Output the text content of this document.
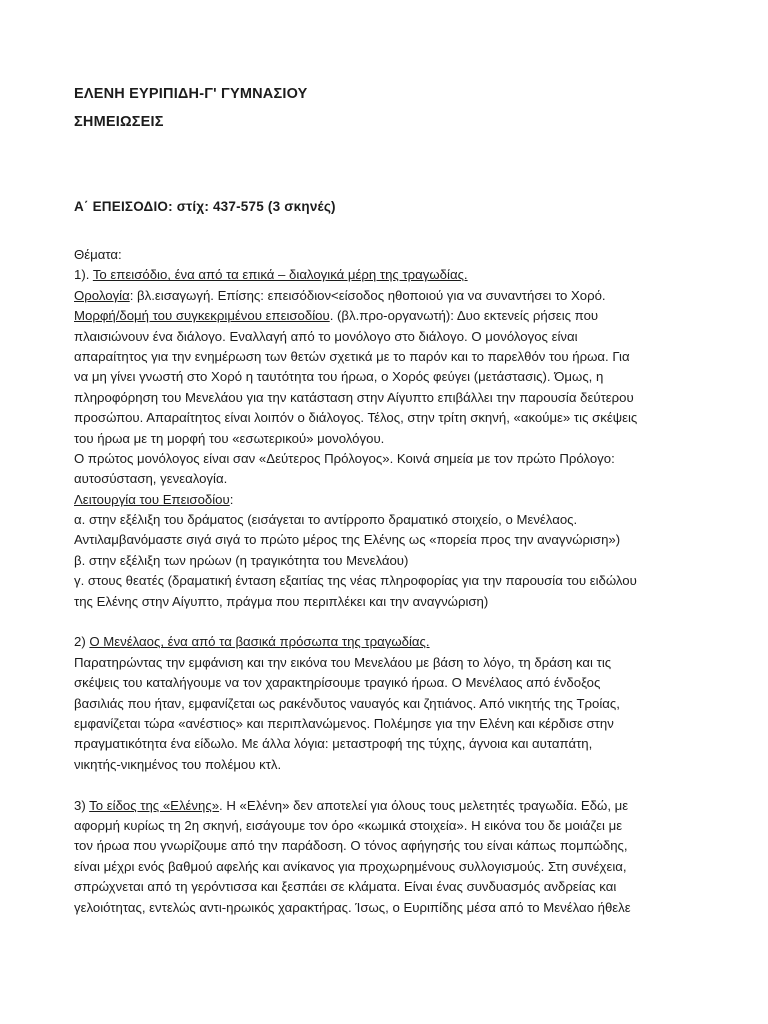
ΕΛΕΝΗ ΕΥΡΙΠΙΔΗ-Γ' ΓΥΜΝΑΣΙΟΥ
ΣΗΜΕΙΩΣΕΙΣ
Α΄ ΕΠΕΙΣΟΔΙΟ: στίχ: 437-575 (3 σκηνές)
Θέματα:
1). Το επεισόδιο, ένα από τα επικά – διαλογικά μέρη της τραγωδίας.
Ορολογία: βλ.εισαγωγή. Επίσης: επεισόδιον<είσοδος ηθοποιού για να συναντήσει το Χορό.
Μορφή/δομή του συγκεκριμένου επεισοδίου. (βλ.προ-οργανωτή): Δυο εκτενείς ρήσεις που
πλαισιώνουν ένα διάλογο. Εναλλαγή από το μονόλογο στο διάλογο. Ο μονόλογος είναι
απαραίτητος για την ενημέρωση των θετών σχετικά με το παρόν και το παρελθόν του ήρωα. Για
να μη γίνει γνωστή στο Χορό η ταυτότητα του ήρωα, ο Χορός φεύγει (μετάστασις). Όμως, η
πληροφόρηση του Μενελάου για την κατάσταση στην Αίγυπτο επιβάλλει την παρουσία δεύτερου
προσώπου. Απαραίτητος είναι λοιπόν ο διάλογος. Τέλος, στην τρίτη σκηνή, «ακούμε» τις σκέψεις
του ήρωα με τη μορφή του «εσωτερικού» μονολόγου.
Ο πρώτος μονόλογος είναι σαν «Δεύτερος Πρόλογος». Κοινά σημεία με τον πρώτο Πρόλογο:
αυτοσύσταση, γενεαλογία.
Λειτουργία του Επεισοδίου:
α. στην εξέλιξη του δράματος (εισάγεται το αντίρροπο δραματικό στοιχείο, ο Μενέλαος.
Αντιλαμβανόμαστε σιγά σιγά το πρώτο μέρος της Ελένης ως «πορεία προς την αναγνώριση»)
β. στην εξέλιξη των ηρώων (η τραγικότητα του Μενελάου)
γ. στους θεατές (δραματική ένταση εξαιτίας της νέας πληροφορίας για την παρουσία του ειδώλου
της Ελένης στην Αίγυπτο, πράγμα που περιπλέκει και την αναγνώριση)
2) Ο Μενέλαος, ένα από τα βασικά πρόσωπα της τραγωδίας.
Παρατηρώντας την εμφάνιση και την εικόνα του Μενελάου με βάση το λόγο, τη δράση και τις
σκέψεις του καταλήγουμε να τον χαρακτηρίσουμε τραγικό ήρωα. Ο Μενέλαος από ένδοξος
βασιλιάς που ήταν, εμφανίζεται ως ρακένδυτος ναυαγός και ζητιάνος. Από νικητής της Τροίας,
εμφανίζεται τώρα «ανέστιος» και περιπλανώμενος. Πολέμησε για την Ελένη και κέρδισε στην
πραγματικότητα ένα είδωλο. Με άλλα λόγια: μεταστροφή της τύχης, άγνοια και αυταπάτη,
νικητής-νικημένος του πολέμου κτλ.
3) Το είδος της «Ελένης». Η «Ελένη» δεν αποτελεί για όλους τους μελετητές τραγωδία. Εδώ, με
αφορμή κυρίως τη 2η σκηνή, εισάγουμε τον όρο «κωμικά στοιχεία». Η εικόνα του δε μοιάζει με
τον ήρωα που γνωρίζουμε από την παράδοση. Ο τόνος αφήγησής του είναι κάπως πομπώδης,
είναι μέχρι ενός βαθμού αφελής και ανίκανος για προχωρημένους συλλογισμούς. Στη συνέχεια,
σπρώχνεται από τη γερόντισσα και ξεσπάει σε κλάματα. Είναι ένας συνδυασμός ανδρείας και
γελοιότητας, εντελώς αντι-ηρωικός χαρακτήρας. Ίσως, ο Ευριπίδης μέσα από το Μενέλαο ήθελε
